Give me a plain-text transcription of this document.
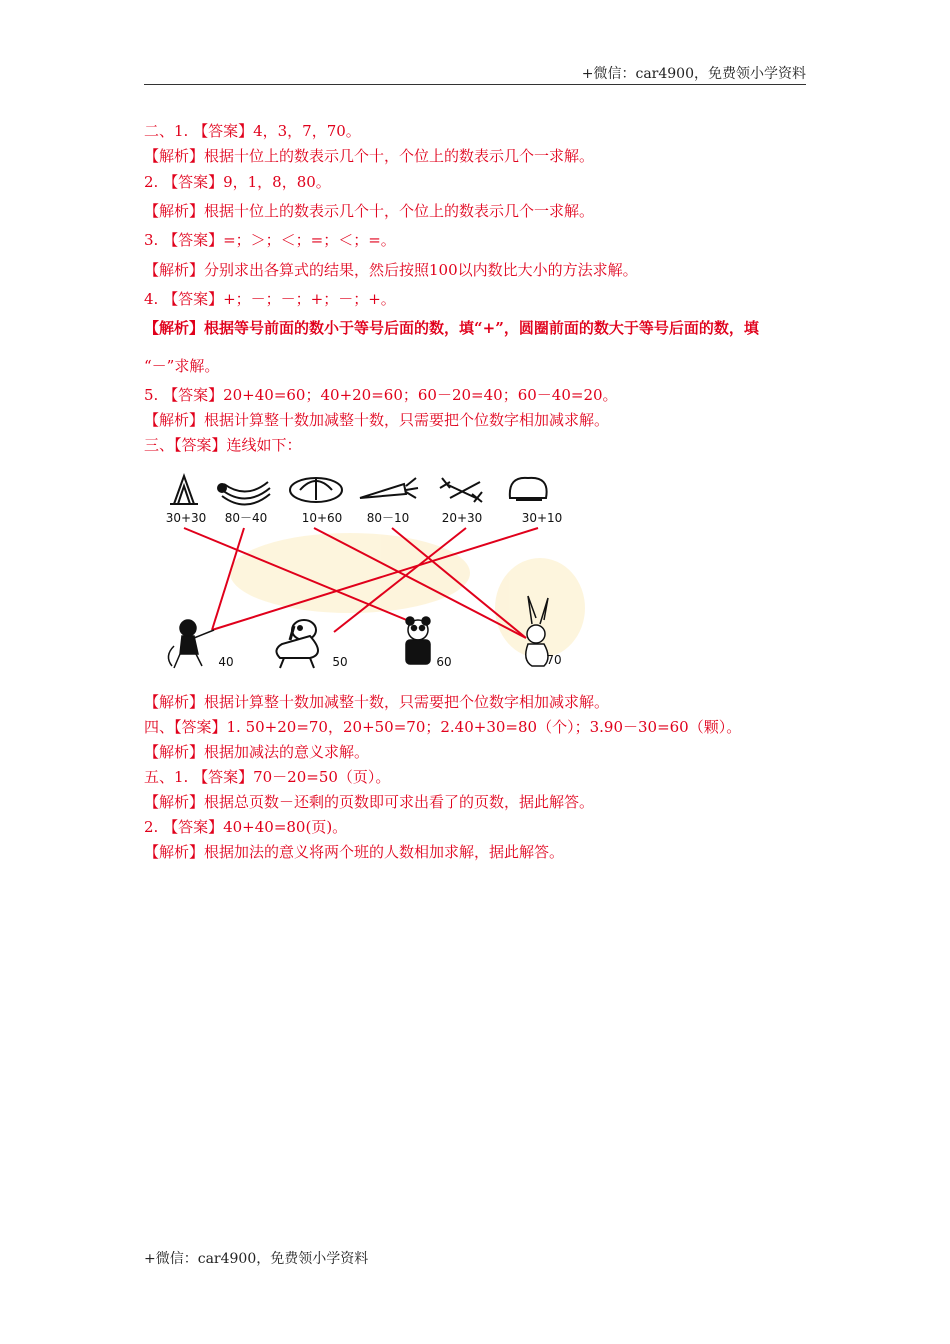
+微信：car4900，免费领小学资料
二、1. 【答案】4，3，7，70。
【解析】根据十位上的数表示几个十，个位上的数表示几个一求解。
2. 【答案】9，1，8，80。
【解析】根据十位上的数表示几个十，个位上的数表示几个一求解。
3. 【答案】=；＞；＜；=；＜；=。
【解析】分别求出各算式的结果，然后按照100以内数比大小的方法求解。
4. 【答案】+；－；－；+；－；+。
【解析】根据等号前面的数小于等号后面的数，填“+”，圆圈前面的数大于等号后面的数，填
“－”求解。
5. 【答案】20+40=60；40+20=60；60－20=40；60－40=20。
【解析】根据计算整十数加减整十数，只需要把个位数字相加减求解。
三、【答案】连线如下：
【解析】根据计算整十数加减整十数，只需要把个位数字相加减求解。
四、【答案】1. 50+20=70，20+50=70；2.40+30=80（个）；3.90－30=60（颗）。
【解析】根据加减法的意义求解。
五、1. 【答案】70－20=50（页）。
【解析】根据总页数－还剩的页数即可求出看了的页数，据此解答。
2. 【答案】40+40=80(页)。
【解析】根据加法的意义将两个班的人数相加求解，据此解答。
30+30 80－40	10+60 80－10	20+30	30+10
40	50	60	70
+微信：car4900，免费领小学资料
